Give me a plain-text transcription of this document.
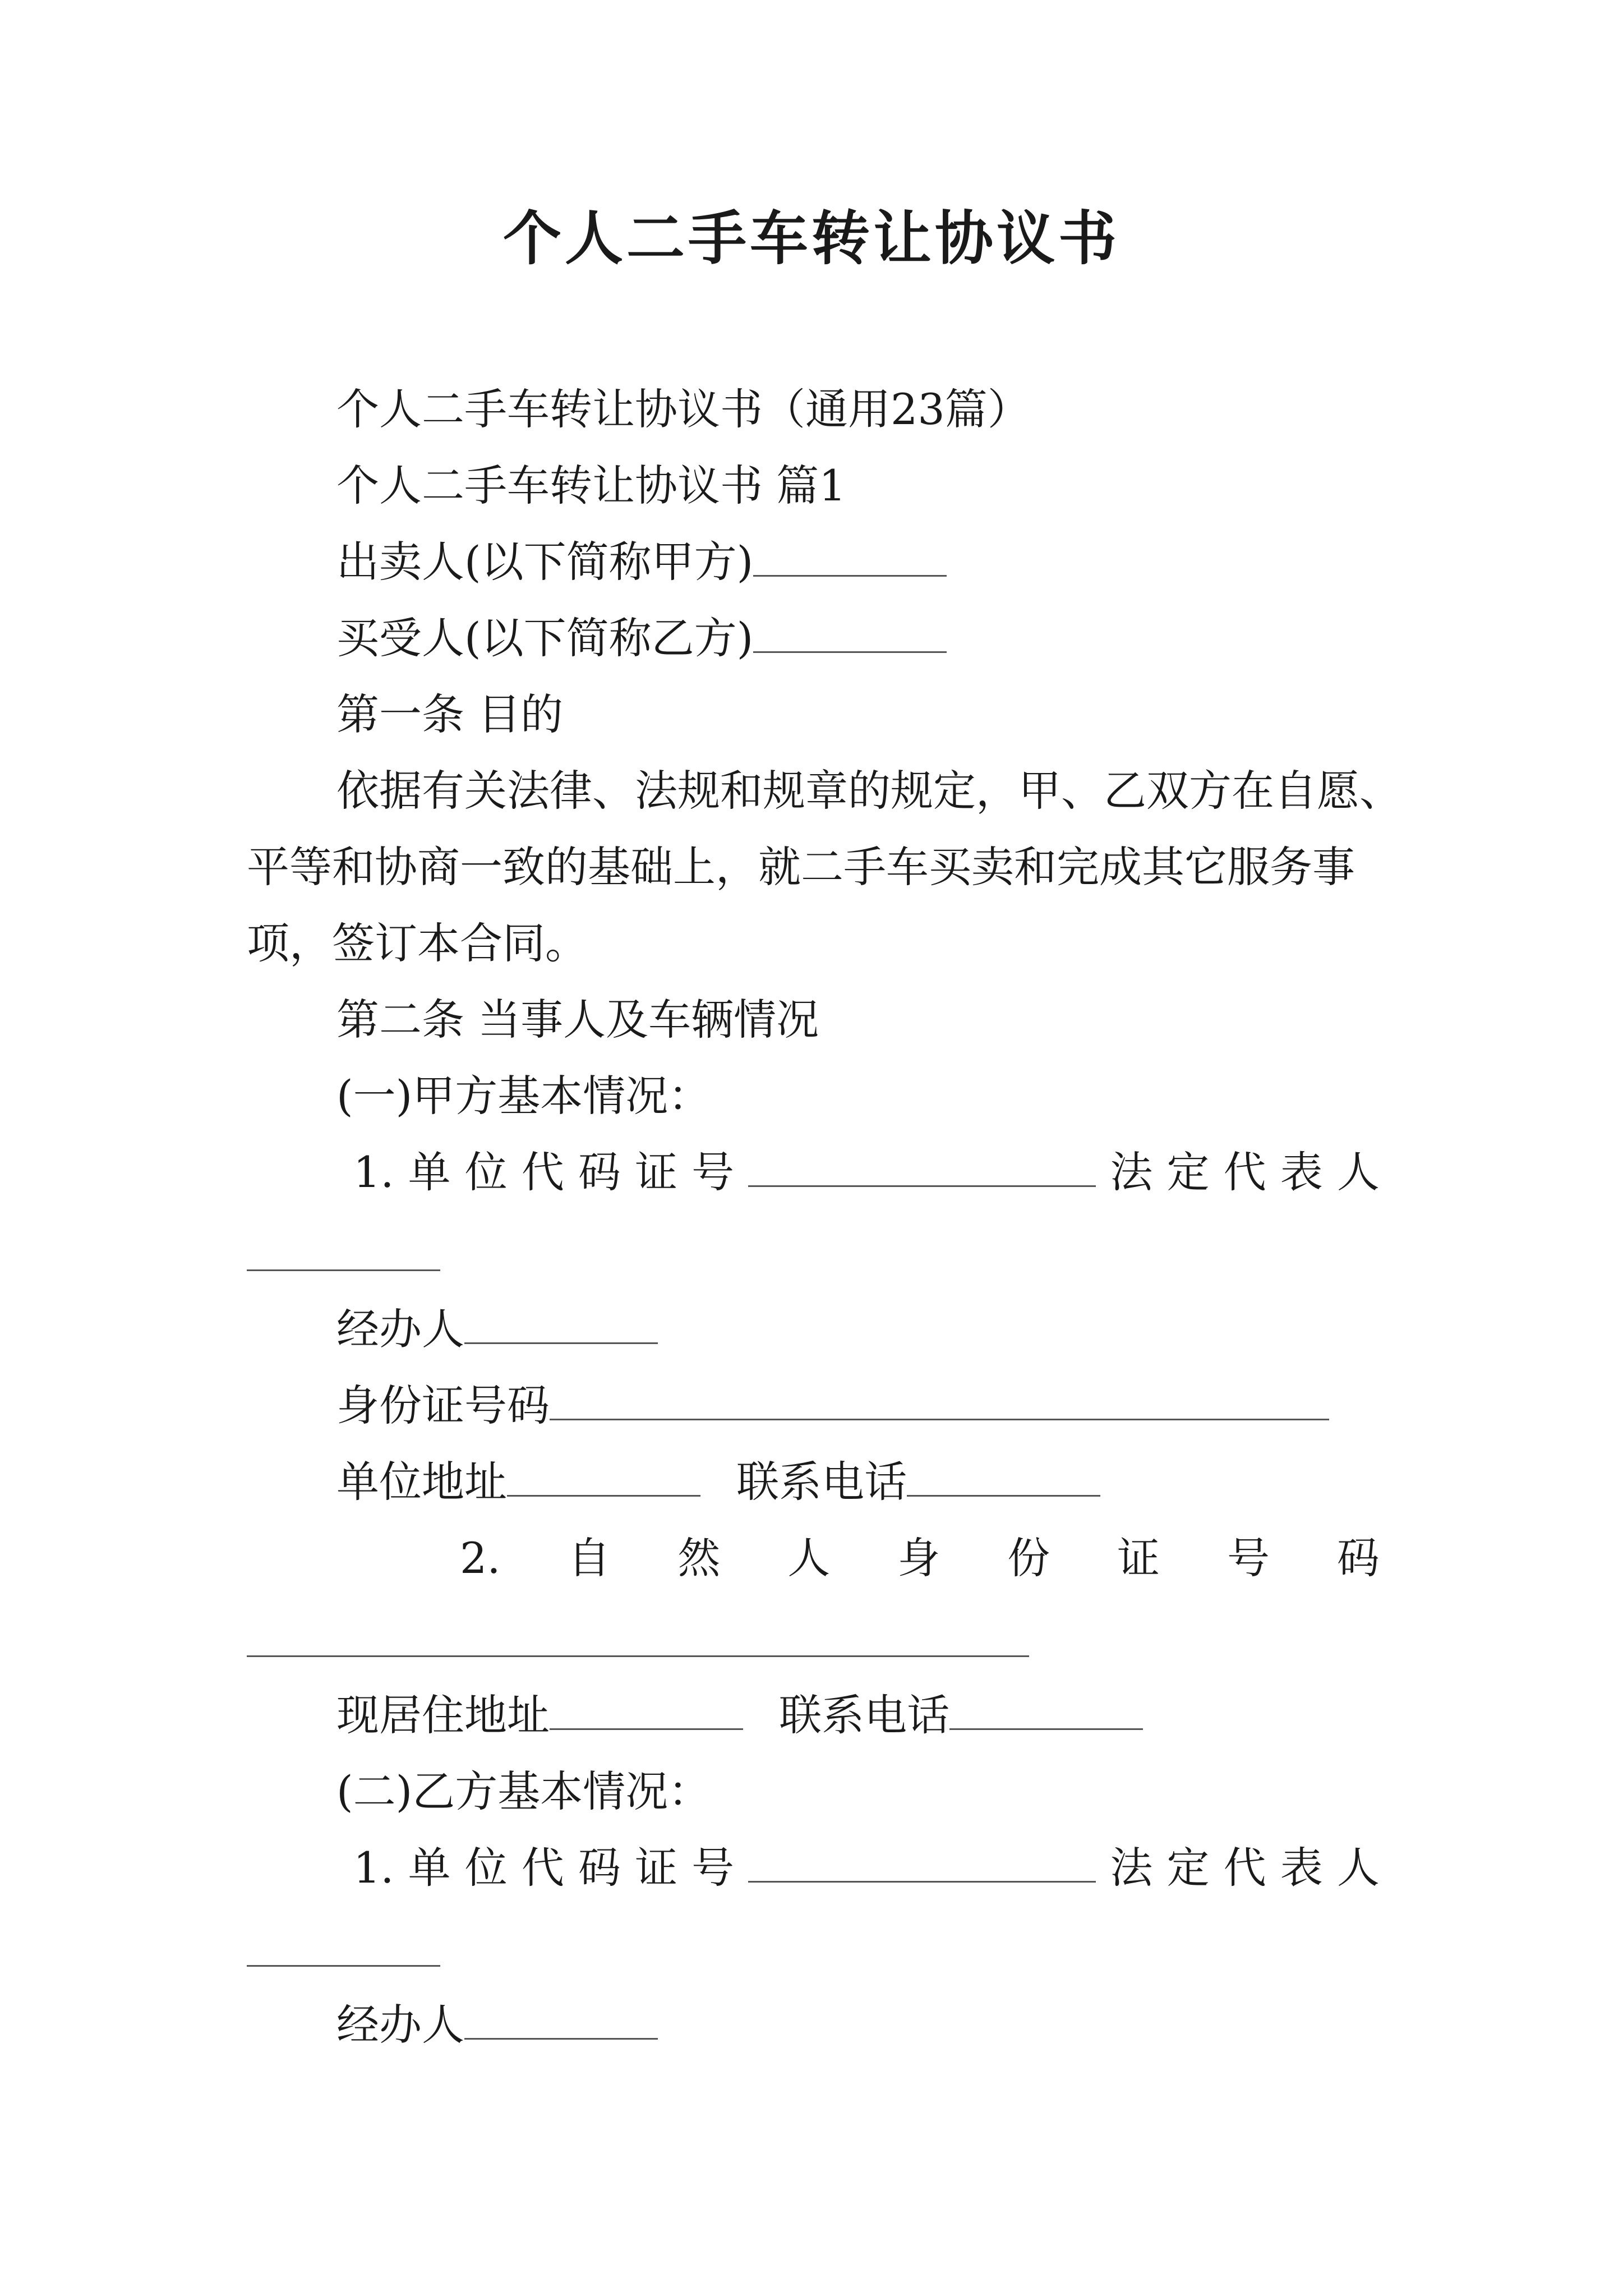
个人二手车转让协议书
个人二手车转让协议书（通用23篇）
个人二手车转让协议书 篇1
出卖人(以下简称甲方)
买受人(以下简称乙方)
第一条 目的
依据有关法律、法规和规章的规定，甲、乙双方在自愿、
平等和协商一致的基础上，就二手车买卖和完成其它服务事
项，签订本合同。
第二条 当事人及车辆情况
(一)甲方基本情况：
1. 单 位 代 码 证 号	法 定 代 表 人
经办人
身份证号码
单位地址	联系电话
2. 自 然 人 身 份 证 号 码
现居住地址	联系电话
(二)乙方基本情况：
1. 单 位 代 码 证 号	法 定 代 表 人
经办人
